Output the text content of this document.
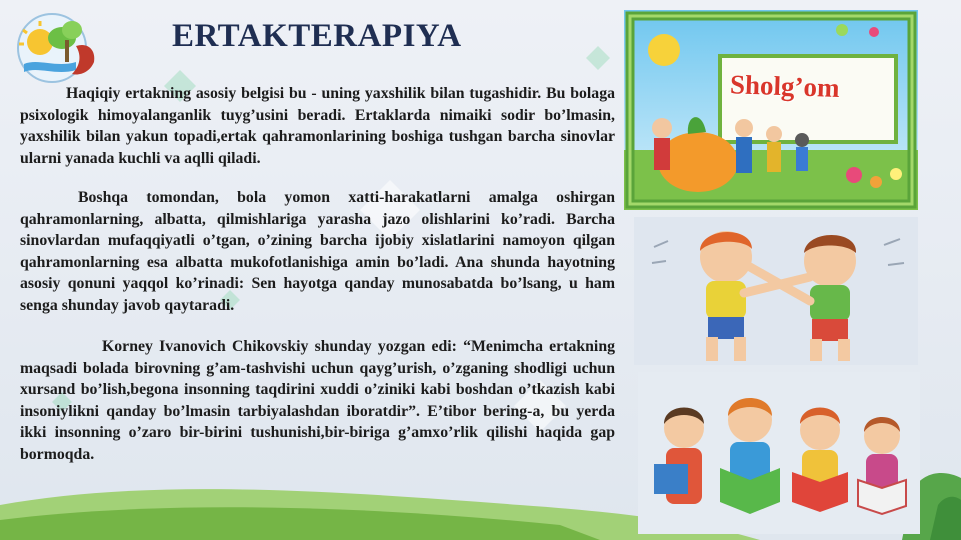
ERTAKTERAPIYA

Haqiqiy ertakning asosiy belgisi bu - uning yaxshilik bilan tugashidir. Bu bolaga psixologik himoyalanganlik tuyg’usini beradi. Ertaklarda nimaiki sodir bo’lmasin, yaxshilik bilan yakun topadi,ertak qahramonlarining boshiga tushgan barcha sinovlar ularni yanada kuchli va aqlli qiladi.

Boshqa tomondan, bola yomon xatti-harakatlarni amalga oshirgan qahramonlarning, albatta, qilmishlariga yarasha jazo olishlarini ko’radi. Barcha sinovlardan mufaqqiyatli o’tgan, o’zining barcha ijobiy xislatlarini namoyon qilgan qahramonlarning esa albatta mukofotlanishiga amin bo’ladi. Ana shunda hayotning asosiy qonuni yaqqol ko’rinadi: Sen hayotga qanday munosabatda bo’lsang, u ham senga shunday javob qaytaradi.

Korney Ivanovich Chikovskiy shunday yozgan edi: “Menimcha ertakning maqsadi bolada birovning g’am-tashvishi uchun qayg’urish, o’zganing shodligi uchun xursand bo’lish,begona insonning taqdirini xuddi o’ziniki kabi boshdan o’tkazish kabi insoniylikni qanday bo’lmasin tarbiyalashdan iboratdir”. E’tibor bering-a, bu yerda ikki insonning o’zaro bir-birini tushunishi,bir-biriga g’amxo’rlik qilishi haqida gap bormoqda.

Sholg’om
